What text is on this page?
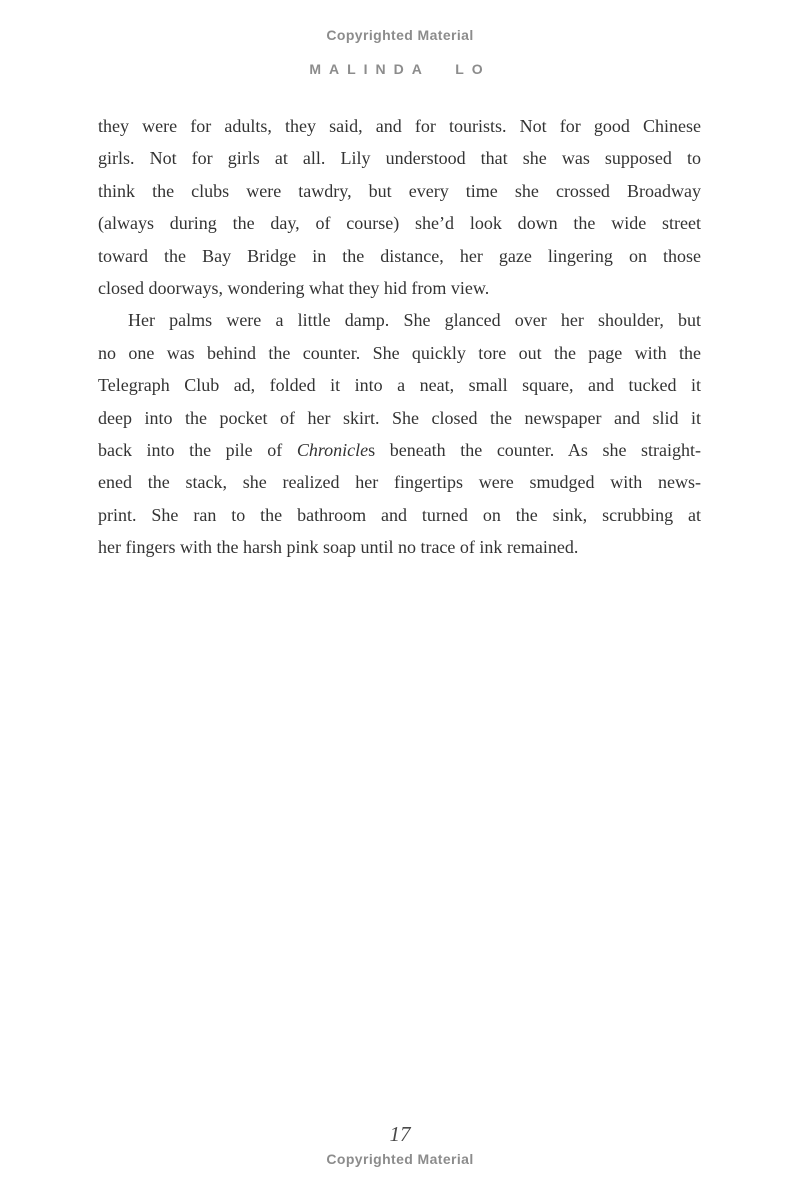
Copyrighted Material
MALINDA LO

they were for adults, they said, and for tourists. Not for good Chinese
girls. Not for girls at all. Lily understood that she was supposed to
think the clubs were tawdry, but every time she crossed Broadway
(always during the day, of course) she’d look down the wide street
toward the Bay Bridge in the distance, her gaze lingering on those
closed doorways, wondering what they hid from view.

Her palms were a little damp. She glanced over her shoulder, but
no one was behind the counter. She quickly tore out the page with the
Telegraph Club ad, folded it into a neat, small square, and tucked it
deep into the pocket of her skirt. She closed the newspaper and slid it
back into the pile of Chronicles beneath the counter. As she straight-
ened the stack, she realized her fingertips were smudged with news-
print. She ran to the bathroom and turned on the sink, scrubbing at
her fingers with the harsh pink soap until no trace of ink remained.

17
Copyrighted Material
